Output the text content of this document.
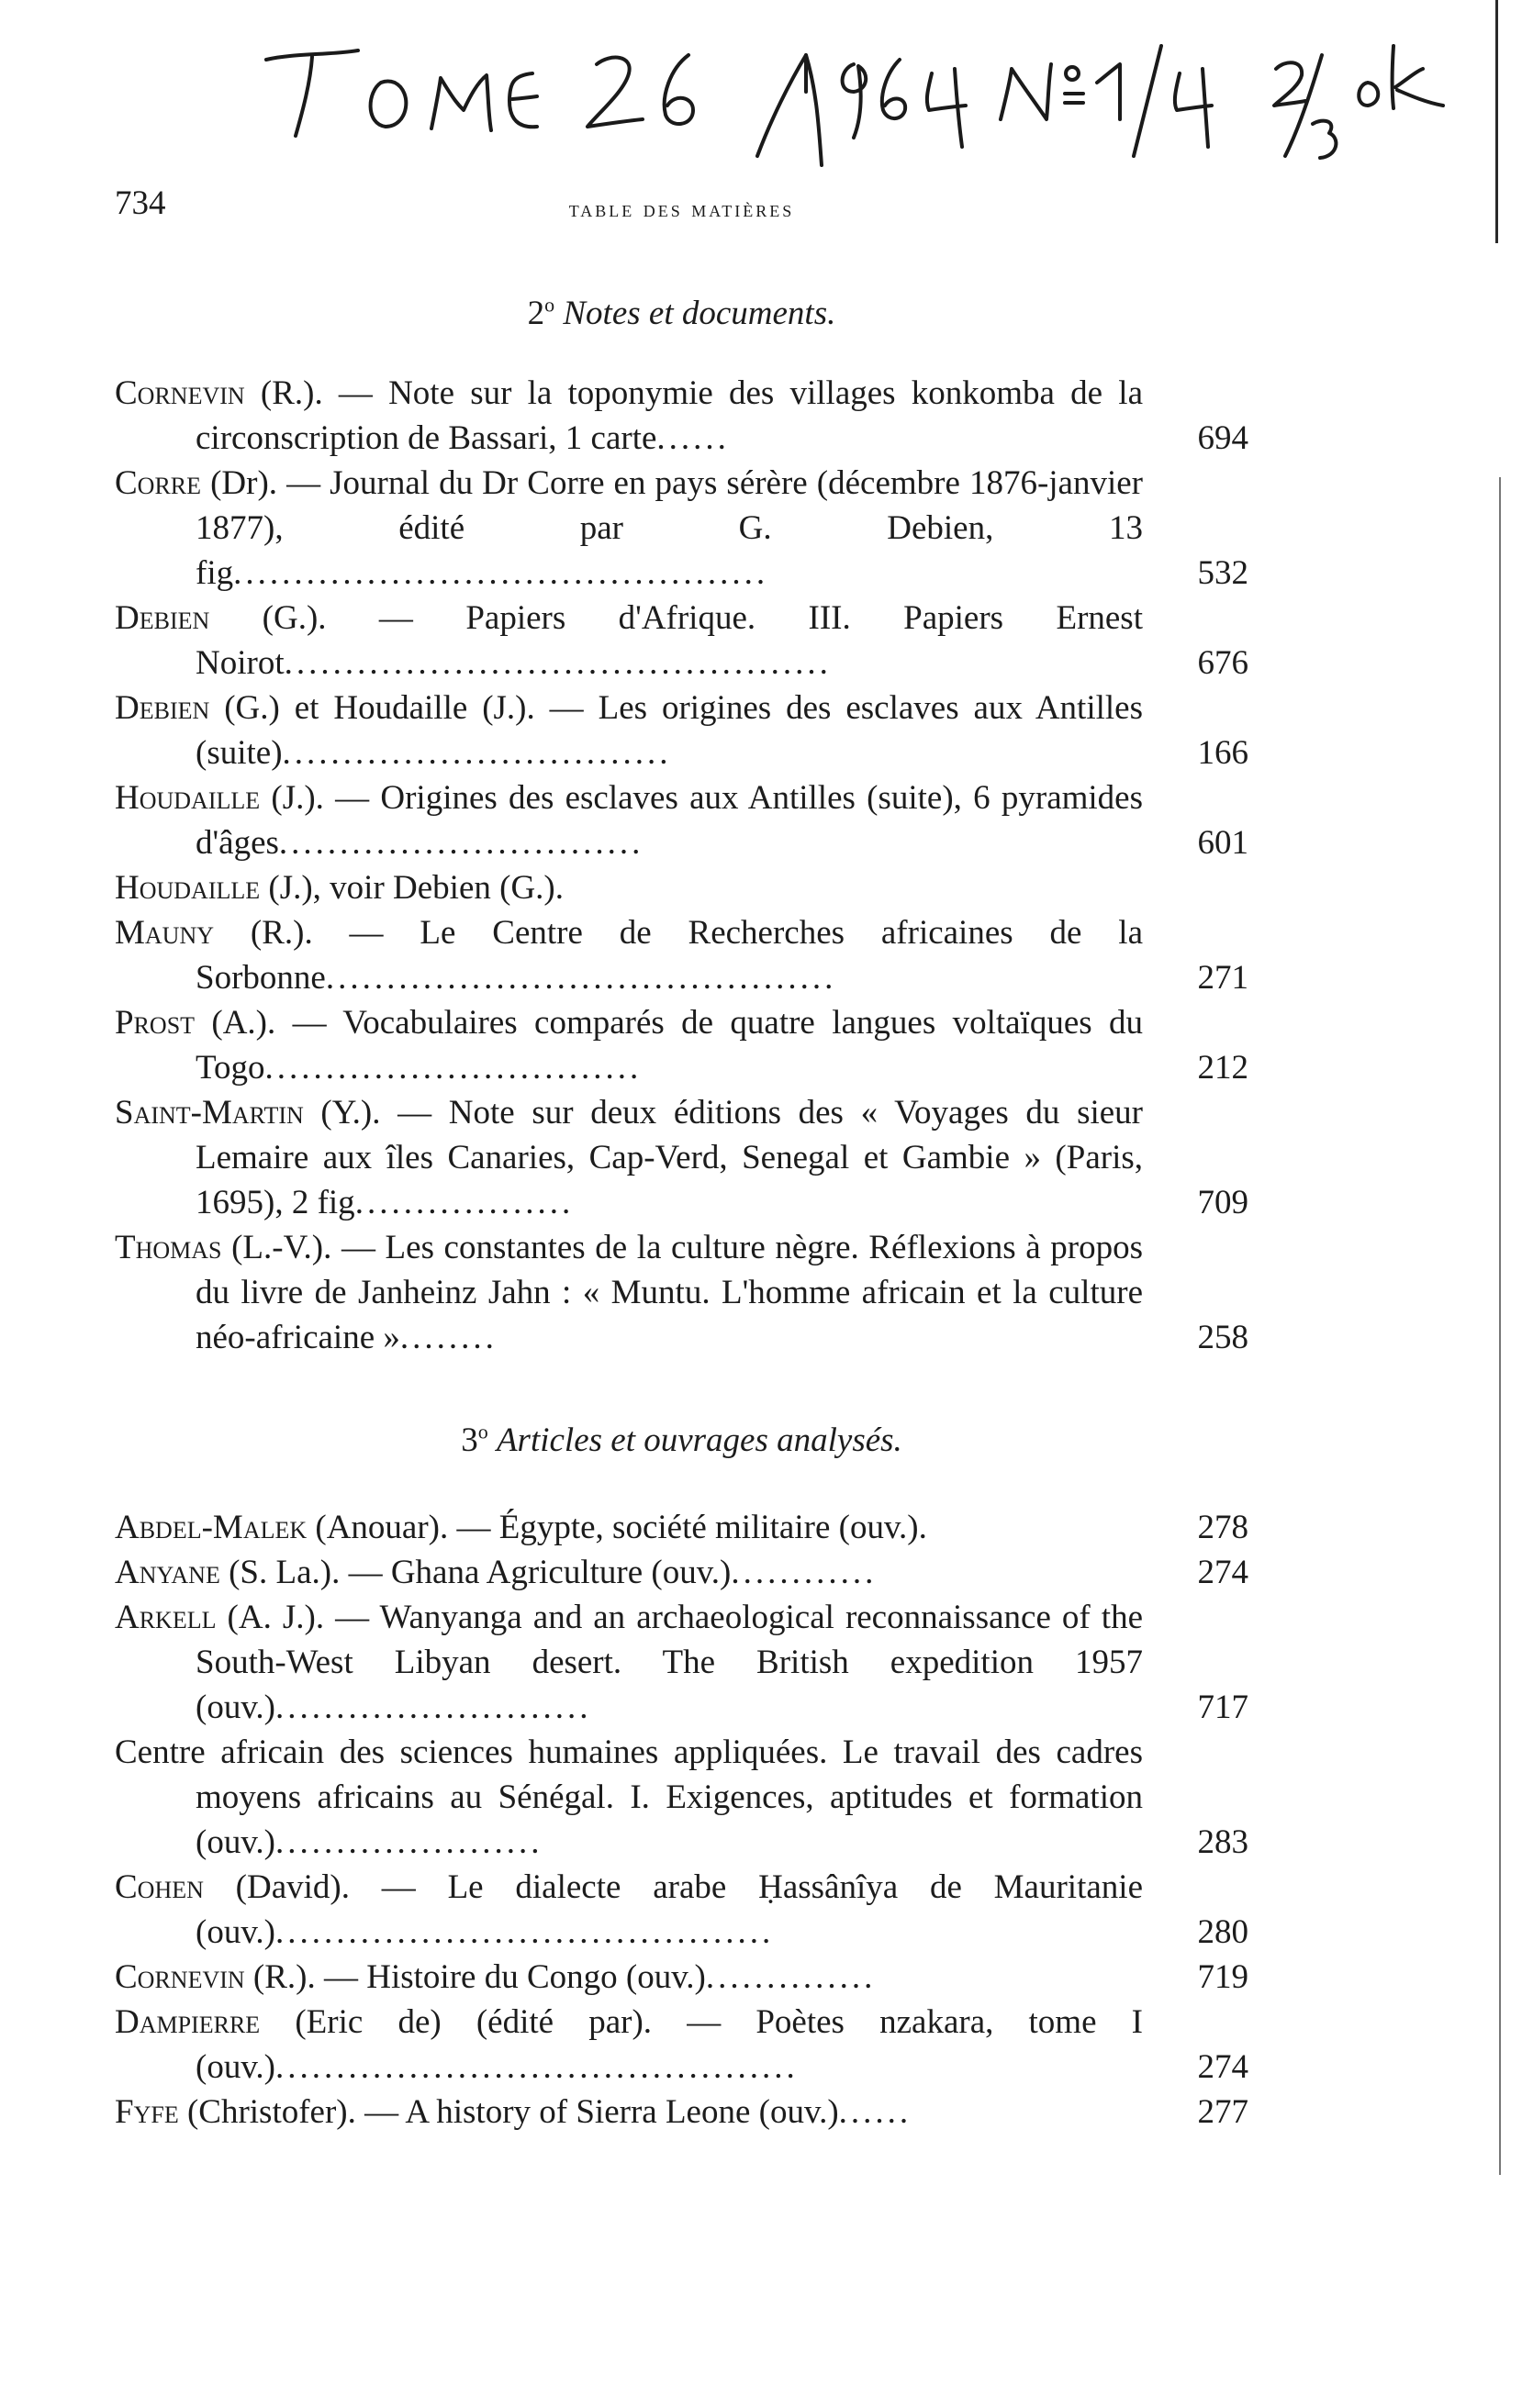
734	table des matières
2$^o$ Notes et documents.
Cornevin (R.). — Note sur la toponymie des villages konkomba de la circonscription de Bassari, 1 carte......	694
Corre (Dr). — Journal du Dr Corre en pays sérère (décembre 1876-janvier 1877), édité par G. Debien, 13 fig............................................	532
Debien (G.). — Papiers d'Afrique. III. Papiers Ernest Noirot.............................................	676
Debien (G.) et Houdaille (J.). — Les origines des esclaves aux Antilles (suite)................................	166
Houdaille (J.). — Origines des esclaves aux Antilles (suite), 6 pyramides d'âges..............................	601
Houdaille (J.), voir Debien (G.).
Mauny (R.). — Le Centre de Recherches africaines de la Sorbonne..........................................	271
Prost (A.). — Vocabulaires comparés de quatre langues voltaïques du Togo...............................	212
Saint-Martin (Y.). — Note sur deux éditions des « Voyages du sieur Lemaire aux îles Canaries, Cap-Verd, Senegal et Gambie » (Paris, 1695), 2 fig..................	709
Thomas (L.-V.). — Les constantes de la culture nègre. Réflexions à propos du livre de Janheinz Jahn : « Muntu. L'homme africain et la culture néo-africaine »........	258
3$^o$ Articles et ouvrages analysés.
Abdel-Malek (Anouar). — Égypte, société militaire (ouv.).	278
Anyane (S. La.). — Ghana Agriculture (ouv.)............	274
Arkell (A. J.). — Wanyanga and an archaeological reconnaissance of the South-West Libyan desert. The British expedition 1957 (ouv.)..........................	717
Centre africain des sciences humaines appliquées. Le travail des cadres moyens africains au Sénégal. I. Exigences, aptitudes et formation (ouv.)......................	283
Cohen (David). — Le dialecte arabe Ḥassânîya de Mauritanie (ouv.).........................................	280
Cornevin (R.). — Histoire du Congo (ouv.)..............	719
Dampierre (Eric de) (édité par). — Poètes nzakara, tome I (ouv.)...........................................	274
Fyfe (Christofer). — A history of Sierra Leone (ouv.)......	277
